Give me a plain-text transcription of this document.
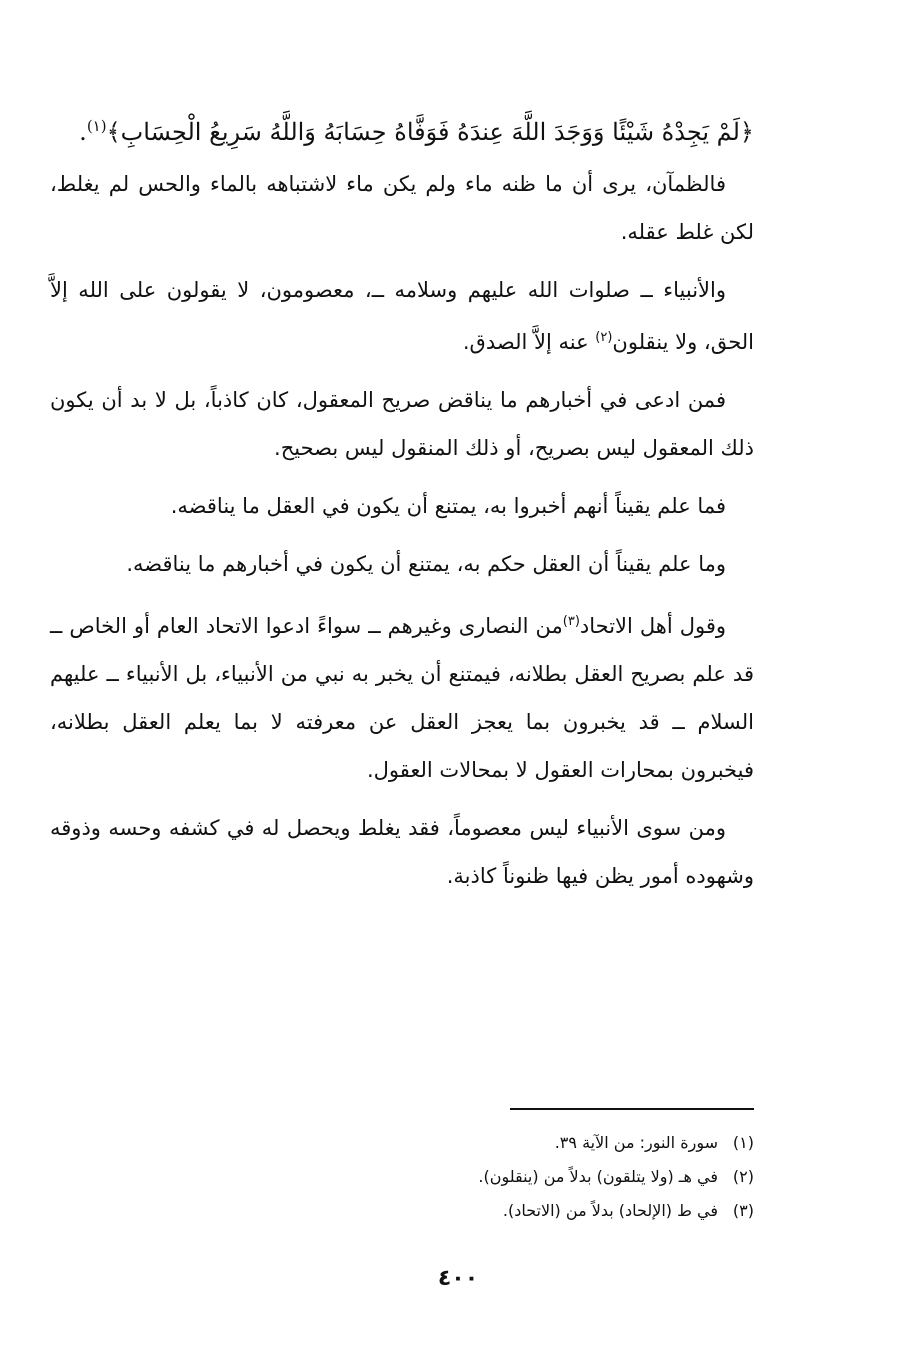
﴿لَمْ يَجِدْهُ شَيْئًا وَوَجَدَ اللَّهَ عِندَهُ فَوَفَّاهُ حِسَابَهُ وَاللَّهُ سَرِيعُ الْحِسَابِ﴾$^{(١)}$.

فالظمآن، يرى أن ما ظنه ماء ولم يكن ماء لاشتباهه بالماء والحس لم يغلط، لكن غلط عقله.

والأنبياء ــ صلوات الله عليهم وسلامه ــ، معصومون، لا يقولون على الله إلاَّ الحق، ولا ينقلون$^{(٢)}$ عنه إلاَّ الصدق.

فمن ادعى في أخبارهم ما يناقض صريح المعقول، كان كاذباً، بل لا بد أن يكون ذلك المعقول ليس بصريح، أو ذلك المنقول ليس بصحيح.

فما علم يقيناً أنهم أخبروا به، يمتنع أن يكون في العقل ما يناقضه.

وما علم يقيناً أن العقل حكم به، يمتنع أن يكون في أخبارهم ما يناقضه.

وقول أهل الاتحاد$^{(٣)}$من النصارى وغيرهم ــ سواءً ادعوا الاتحاد العام أو الخاص ــ قد علم بصريح العقل بطلانه، فيمتنع أن يخبر به نبي من الأنبياء، بل الأنبياء ــ عليهم السلام ــ قد يخبرون بما يعجز العقل عن معرفته لا بما يعلم العقل بطلانه، فيخبرون بمحارات العقول لا بمحالات العقول.

ومن سوى الأنبياء ليس معصوماً، فقد يغلط ويحصل له في كشفه وحسه وذوقه وشهوده أمور يظن فيها ظنوناً كاذبة.

(١)
سورة النور: من الآية ٣٩.
(٢)
في هـ (ولا يتلقون) بدلاً من (ينقلون).
(٣)
في ط (الإلحاد) بدلاً من (الاتحاد).
٤٠٠
